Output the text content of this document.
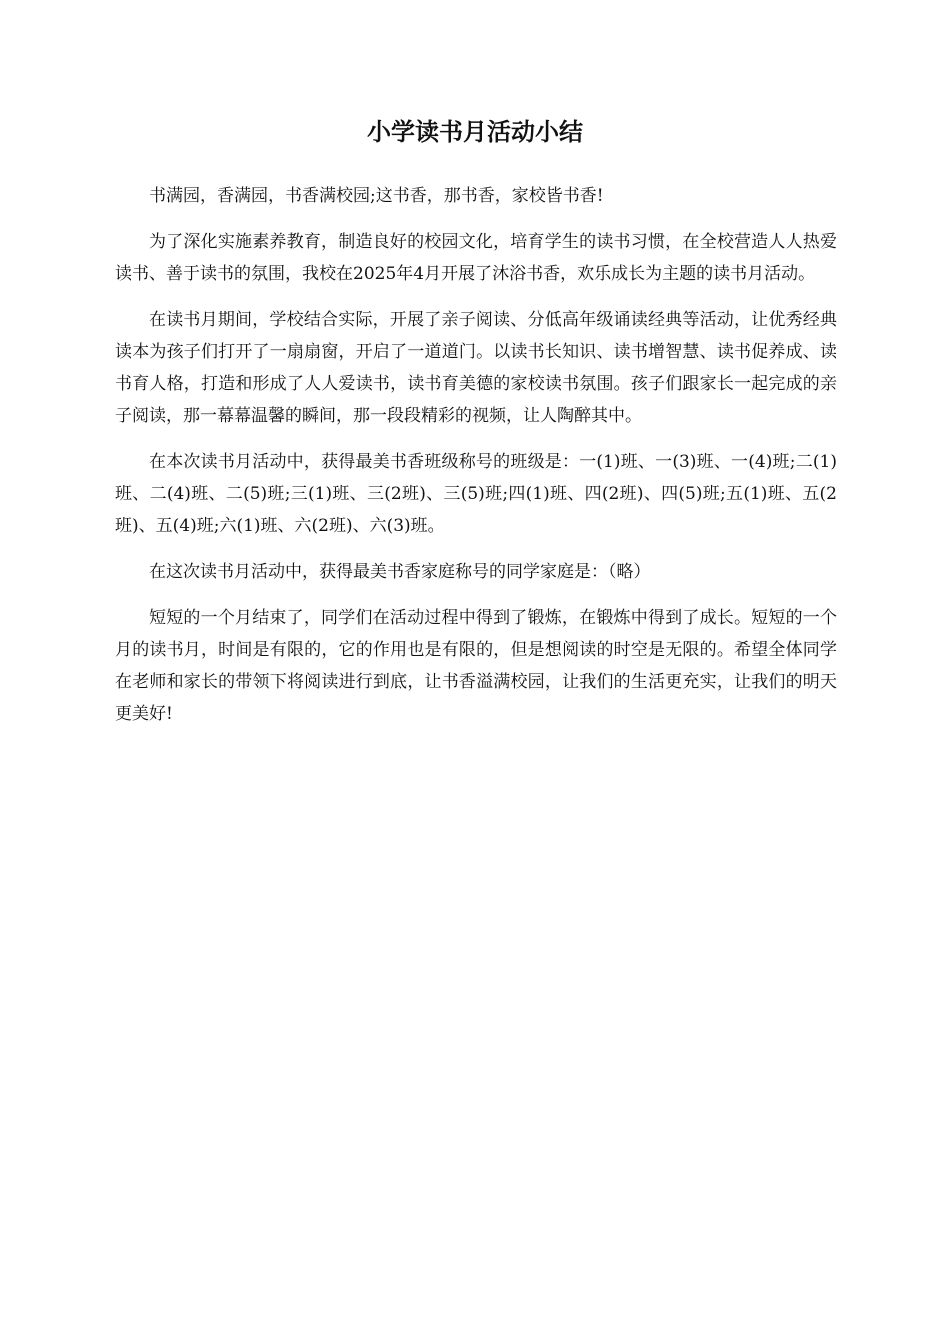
小学读书月活动小结

书满园，香满园，书香满校园;这书香，那书香，家校皆书香!

为了深化实施素养教育，制造良好的校园文化，培育学生的读书习惯，在全校营造人人热爱读书、善于读书的氛围，我校在2025年4月开展了沐浴书香，欢乐成长为主题的读书月活动。

在读书月期间，学校结合实际，开展了亲子阅读、分低高年级诵读经典等活动，让优秀经典读本为孩子们打开了一扇扇窗，开启了一道道门。以读书长知识、读书增智慧、读书促养成、读书育人格，打造和形成了人人爱读书，读书育美德的家校读书氛围。孩子们跟家长一起完成的亲子阅读，那一幕幕温馨的瞬间，那一段段精彩的视频，让人陶醉其中。

在本次读书月活动中，获得最美书香班级称号的班级是：一(1)班、一(3)班、一(4)班;二(1)班、二(4)班、二(5)班;三(1)班、三(2班)、三(5)班;四(1)班、四(2班)、四(5)班;五(1)班、五(2班)、五(4)班;六(1)班、六(2班)、六(3)班。

在这次读书月活动中，获得最美书香家庭称号的同学家庭是：（略）

短短的一个月结束了，同学们在活动过程中得到了锻炼，在锻炼中得到了成长。短短的一个月的读书月，时间是有限的，它的作用也是有限的，但是想阅读的时空是无限的。希望全体同学在老师和家长的带领下将阅读进行到底，让书香溢满校园，让我们的生活更充实，让我们的明天更美好!
